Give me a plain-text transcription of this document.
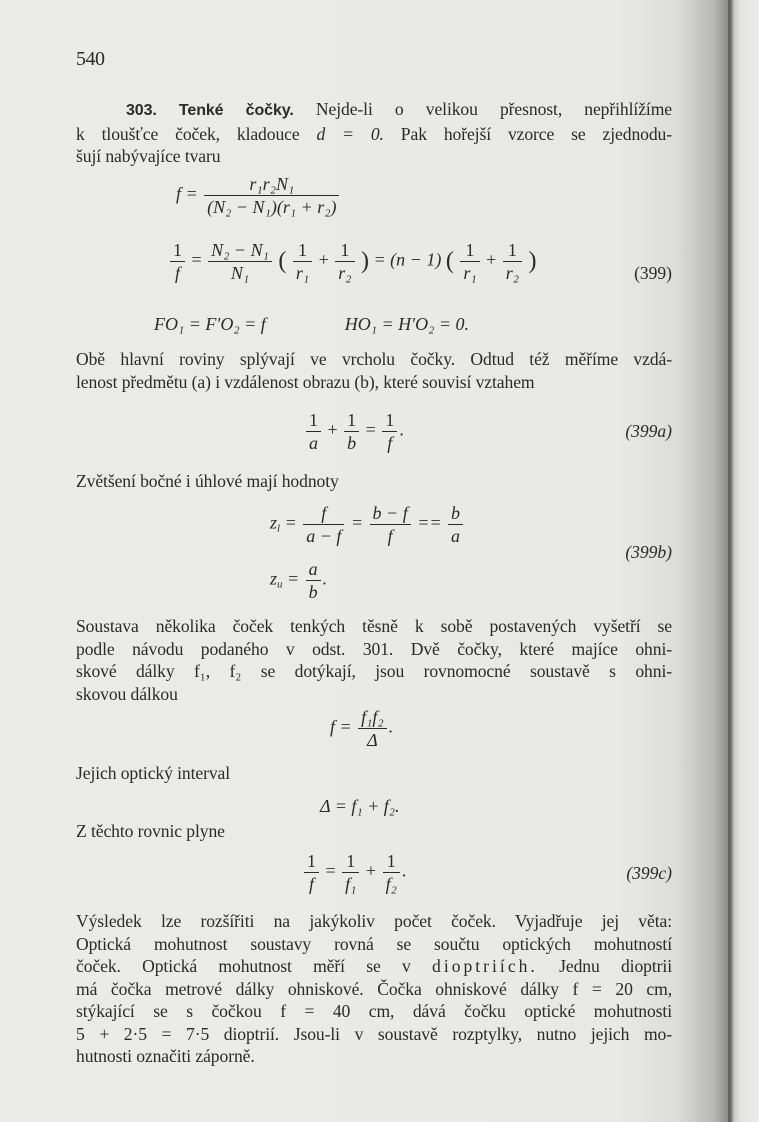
540
303. Tenké čočky. Nejde-li o velikou přesnost, nepřihlížíme
k tloušťce čoček, kladouce d = 0. Pak hořejší vzorce se zjednodu-
šují nabývajíce tvaru
$f = \frac{\text{r₁r₂N₁}}{\text{(N₂ − N₁)(r₁ + r₂)}}$
$\frac{1}{f} = \frac{\text{N₂ − N₁}}{\text{N₁}}$ ( $\frac{1}{\text{r₁}} + \frac{1}{\text{r₂}}$ ) = (n − 1) ( $\frac{1}{\text{r₁}} + \frac{1}{\text{r₂}}$ )	(399)
FO₁ = F′O₂ = f	HO₁ = H′O₂ = 0.
Obě hlavní roviny splývají ve vrcholu čočky. Odtud též měříme vzdá-
lenost předmětu (a) i vzdálenost obrazu (b), které souvisí vztahem
$\frac{1}{a} + \frac{1}{b} = \frac{1}{f}$ .	(399a)
Zvětšení bočné i úhlové mají hodnoty
$z_l = \frac{f}{a - f} = \frac{b - f}{f} == \frac{b}{a}$
$z_u = \frac{a}{b}$ .
(399b)
Soustava několika čoček tenkých těsně k sobě postavených vyšetří se
podle návodu podaného v odst. 301. Dvě čočky, které majíce ohni-
skové dálky f₁, f₂ se dotýkají, jsou rovnomocné soustavě s ohni-
skovou dálkou
$f = \frac{\text{f₁f₂}}{\Delta}$ .
Jejich optický interval
Δ = f₁ + f₂.
Z těchto rovnic plyne
$\frac{1}{f} = \frac{1}{\text{f₁}} + \frac{1}{\text{f₂}}$ .	(399c)
Výsledek lze rozšířiti na jakýkoliv počet čoček. Vyjadřuje jej věta:
Optická mohutnost soustavy rovná se součtu optických mohutností
čoček. Optická mohutnost měří se v dioptriích. Jednu dioptrii
má čočka metrové dálky ohniskové. Čočka ohniskové dálky f = 20 cm,
stýkající se s čočkou f = 40 cm, dává čočku optické mohutnosti
5 + 2·5 = 7·5 dioptrií. Jsou-li v soustavě rozptylky, nutno jejich mo-
hutnosti označiti záporně.
